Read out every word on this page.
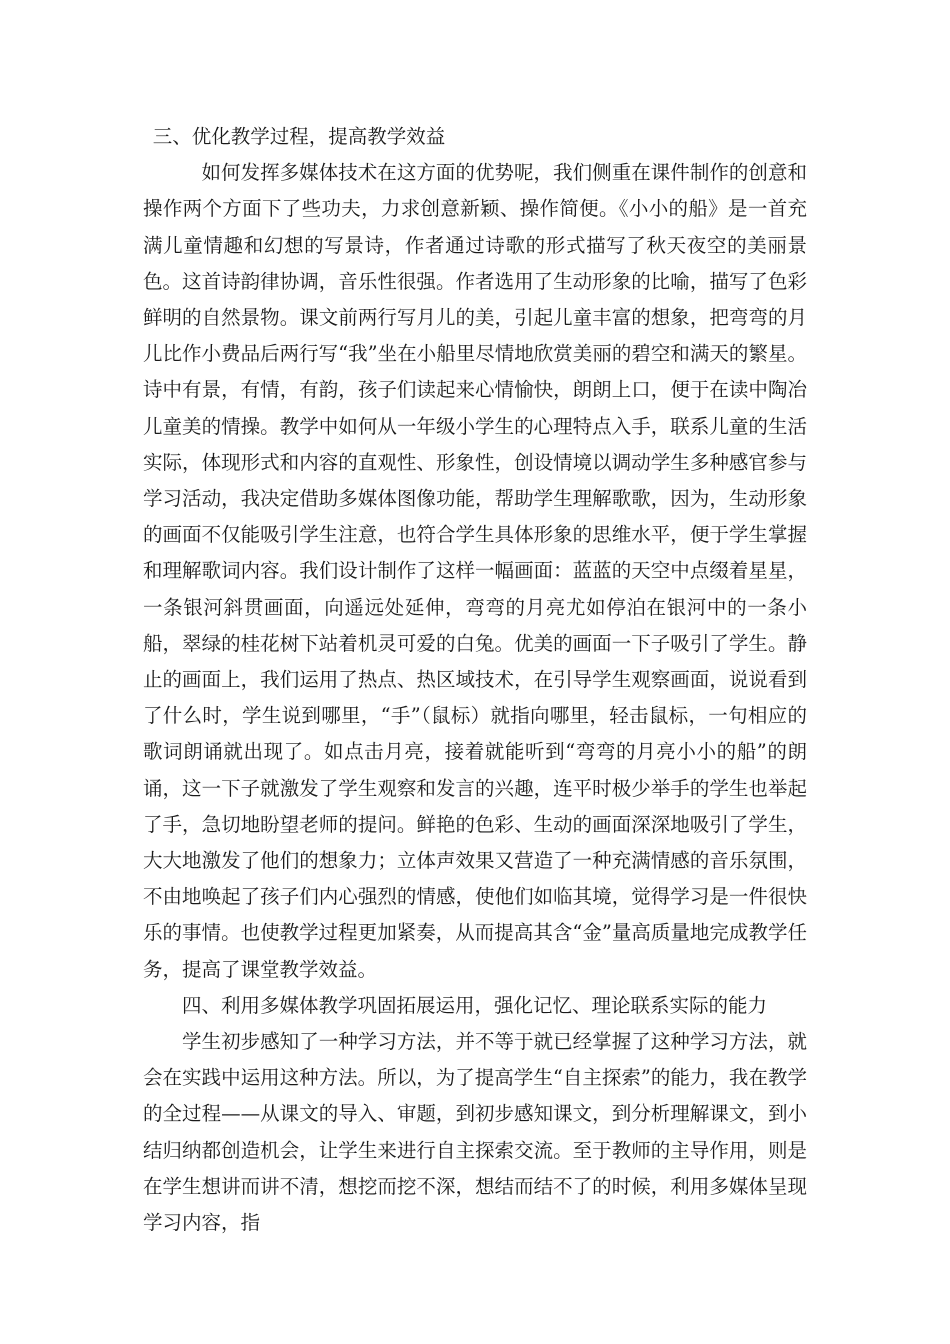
三、优化教学过程，提高教学效益

如何发挥多媒体技术在这方面的优势呢，我们侧重在课件制作的创意和操作两个方面下了些功夫，力求创意新颖、操作简便。《小小的船》是一首充满儿童情趣和幻想的写景诗，作者通过诗歌的形式描写了秋天夜空的美丽景色。这首诗韵律协调，音乐性很强。作者选用了生动形象的比喻，描写了色彩鲜明的自然景物。课文前两行写月儿的美，引起儿童丰富的想象，把弯弯的月儿比作小费品后两行写“我”坐在小船里尽情地欣赏美丽的碧空和满天的繁星。诗中有景，有情，有韵，孩子们读起来心情愉快，朗朗上口，便于在读中陶冶儿童美的情操。教学中如何从一年级小学生的心理特点入手，联系儿童的生活实际，体现形式和内容的直观性、形象性，创设情境以调动学生多种感官参与学习活动，我决定借助多媒体图像功能，帮助学生理解歌歌，因为，生动形象的画面不仅能吸引学生注意，也符合学生具体形象的思维水平，便于学生掌握和理解歌词内容。我们设计制作了这样一幅画面：蓝蓝的天空中点缀着星星，一条银河斜贯画面，向遥远处延伸，弯弯的月亮尤如停泊在银河中的一条小船，翠绿的桂花树下站着机灵可爱的白兔。优美的画面一下子吸引了学生。静止的画面上，我们运用了热点、热区域技术，在引导学生观察画面，说说看到了什么时，学生说到哪里，“手”（鼠标）就指向哪里，轻击鼠标，一句相应的歌词朗诵就出现了。如点击月亮，接着就能听到“弯弯的月亮小小的船”的朗诵，这一下子就激发了学生观察和发言的兴趣，连平时极少举手的学生也举起了手，急切地盼望老师的提问。鲜艳的色彩、生动的画面深深地吸引了学生，大大地激发了他们的想象力；立体声效果又营造了一种充满情感的音乐氛围，不由地唤起了孩子们内心强烈的情感，使他们如临其境，觉得学习是一件很快乐的事情。也使教学过程更加紧奏，从而提高其含“金”量高质量地完成教学任务，提高了课堂教学效益。

四、利用多媒体教学巩固拓展运用，强化记忆、理论联系实际的能力

学生初步感知了一种学习方法，并不等于就已经掌握了这种学习方法，就会在实践中运用这种方法。所以，为了提高学生“自主探索”的能力，我在教学的全过程——从课文的导入、审题，到初步感知课文，到分析理解课文，到小结归纳都创造机会，让学生来进行自主探索交流。至于教师的主导作用，则是在学生想讲而讲不清，想挖而挖不深，想结而结不了的时候，利用多媒体呈现学习内容，指
